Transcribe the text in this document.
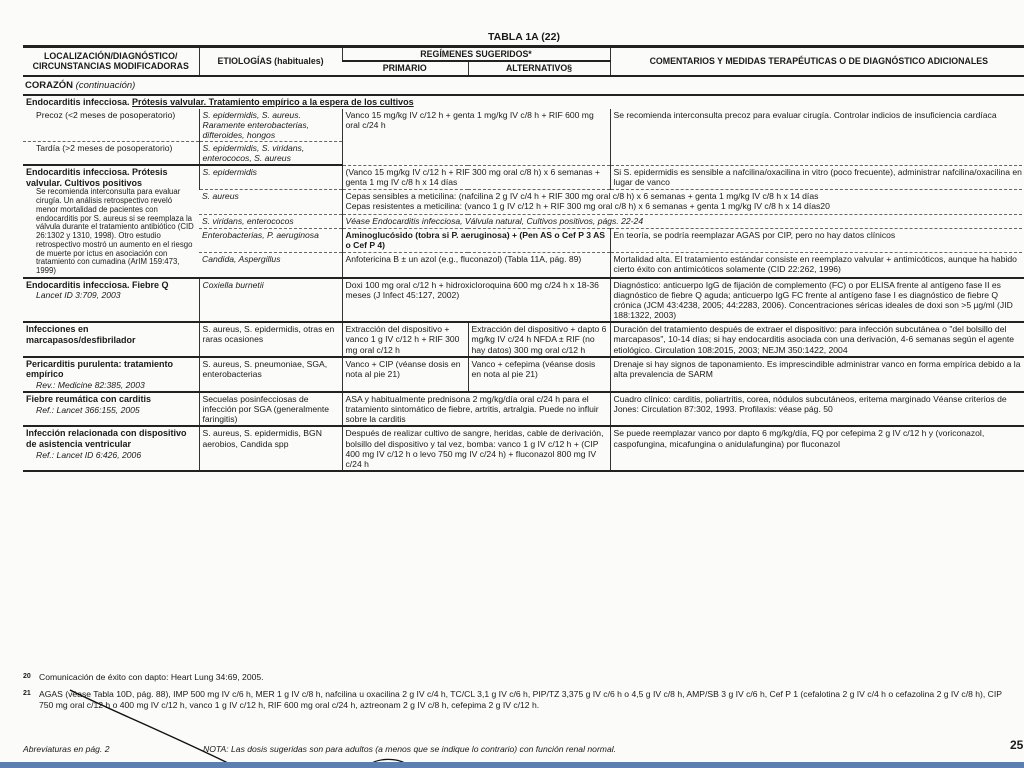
TABLA 1A (22)
LOCALIZACIÓN/DIAGNÓSTICO/ CIRCUNSTANCIAS MODIFICADORAS	ETIOLOGÍAS (habituales)	REGÍMENES SUGERIDOS*		COMENTARIOS Y MEDIDAS TERAPÉUTICAS O DE DIAGNÓSTICO ADICIONALES
		PRIMARIO	ALTERNATIVO§	
CORAZÓN (continuación)				
Endocarditis infecciosa. Prótesis valvular. Tratamiento empírico a la espera de los cultivos				

Precoz (<2 meses de posoperatorio)	S. epidermidis, S. aureus. Raramente enterobacterias, difteroides, hongos	Vanco 15 mg/kg IV c/12 h + genta 1 mg/kg IV c/8 h + RIF 600 mg oral c/24 h		Se recomienda interconsulta precoz para evaluar cirugía. Controlar indicios de insuficiencia cardíaca

Tardía (>2 meses de posoperatorio)	S. epidermidis, S. viridans, enterococos, S. aureus			

Endocarditis infecciosa. Prótesis valvular. Cultivos positivos
Se recomienda interconsulta para evaluar cirugía. Un análisis retrospectivo reveló menor mortalidad de pacientes con endocarditis por S. aureus si se reemplaza la válvula durante el tratamiento antibiótico (CID 26:1302 y 1310, 1998). Otro estudio retrospectivo mostró un aumento en el riesgo de muerte por ictus en asociación con tratamiento con cumadina (ArIM 159:473, 1999)	S. epidermidis	(Vanco 15 mg/kg IV c/12 h + RIF 300 mg oral c/8 h) x 6 semanas + genta 1 mg IV c/8 h x 14 días		Si S. epidermidis es sensible a nafcilina/oxacilina in vitro (poco frecuente), administrar nafcilina/oxacilina en lugar de vanco
	S. aureus	Cepas sensibles a meticilina: (nafcilina 2 g IV c/4 h + RIF 300 mg oral c/8 h) x 6 semanas + genta 1 mg/kg IV c/8 h x 14 días
Cepas resistentes a meticilina: (vanco 1 g IV c/12 h + RIF 300 mg oral c/8 h) x 6 semanas + genta 1 mg/kg IV c/8 h x 14 días20		

	S. viridans, enterococos	Véase Endocarditis infecciosa, Válvula natural, Cultivos positivos, págs. 22-24		
	Enterobacterias, P. aeruginosa	Aminoglucósido (tobra si P. aeruginosa) + (Pen AS o Cef P 3 AS o Cef P 4)		En teoría, se podría reemplazar AGAS por CIP, pero no hay datos clínicos
	Candida, Aspergillus	Anfotericina B ± un azol (e.g., fluconazol) (Tabla 11A, pág. 89)		Mortalidad alta. El tratamiento estándar consiste en reemplazo valvular + antimicóticos, aunque ha habido cierto éxito con antimicóticos solamente (CID 22:262, 1996)

Endocarditis infecciosa. Fiebre Q
Lancet ID 3:709, 2003	Coxiella burnetii	Doxi 100 mg oral c/12 h + hidroxicloroquina 600 mg c/24 h x 18-36 meses (J Infect 45:127, 2002)		Diagnóstico: anticuerpo IgG de fijación de complemento (FC) o por ELISA frente al antígeno fase II es diagnóstico de fiebre Q aguda; anticuerpo IgG FC frente al antígeno fase I es diagnóstico de fiebre Q crónica (JCM 43:4238, 2005; 44:2283, 2006). Concentraciones séricas ideales de doxi son >5 µg/ml (JID 188:1322, 2003)
Infecciones en marcapasos/desfibrilador	S. aureus, S. epidermidis, otras en raras ocasiones	Extracción del dispositivo + vanco 1 g IV c/12 h + RIF 300 mg oral c/12 h	Extracción del dispositivo + dapto 6 mg/kg IV c/24 h NFDA ± RIF (no hay datos) 300 mg oral c/12 h	Duración del tratamiento después de extraer el dispositivo: para infección subcutánea o "del bolsillo del marcapasos", 10-14 días; si hay endocarditis asociada con una derivación, 4-6 semanas según el agente etiológico. Circulation 108:2015, 2003; NEJM 350:1422, 2004

Pericarditis purulenta: tratamiento empírico
Rev.: Medicine 82:385, 2003	S. aureus, S. pneumoniae, SGA, enterobacterias	Vanco + CIP (véanse dosis en nota al pie 21)	Vanco + cefepima (véanse dosis en nota al pie 21)	Drenaje si hay signos de taponamiento. Es imprescindible administrar vanco en forma empírica debido a la alta prevalencia de SARM

Fiebre reumática con carditis
Ref.: Lancet 366:155, 2005	Secuelas posinfecciosas de infección por SGA (generalmente faringitis)	ASA y habitualmente prednisona 2 mg/kg/día oral c/24 h para el tratamiento sintomático de fiebre, artritis, artralgia. Puede no influir sobre la carditis		Cuadro clínico: carditis, poliartritis, corea, nódulos subcutáneos, eritema marginado Véanse criterios de Jones: Circulation 87:302, 1993. Profilaxis: véase pág. 50

Infección relacionada con dispositivo de asistencia ventricular
Ref.: Lancet ID 6:426, 2006	S. aureus, S. epidermidis, BGN aerobios, Candida spp	Después de realizar cultivo de sangre, heridas, cable de derivación, bolsillo del dispositivo y tal vez, bomba: vanco 1 g IV c/12 h + (CIP 400 mg IV c/12 h o levo 750 mg IV c/24 h) + fluconazol 800 mg IV c/24 h		Se puede reemplazar vanco por dapto 6 mg/kg/día, FQ por cefepima 2 g IV c/12 h y (voriconazol, caspofungina, micafungina o anidulafungina) por fluconazol
20 Comunicación de éxito con dapto: Heart Lung 34:69, 2005.
21 AGAS (véase Tabla 10D, pág. 88), IMP 500 mg IV c/6 h, MER 1 g IV c/8 h, nafcilina u oxacilina 2 g IV c/4 h, TC/CL 3,1 g IV c/6 h, PIP/TZ 3,375 g IV c/6 h o 4,5 g IV c/8 h, AMP/SB 3 g IV c/6 h, Cef P 1 (cefalotina 2 g IV c/4 h o cefazolina 2 g IV c/8 h), CIP 750 mg oral c/12 h o 400 mg IV c/12 h, vanco 1 g IV c/12 h, RIF 600 mg oral c/24 h, aztreonam 2 g IV c/8 h, cefepima 2 g IV c/12 h.
Abreviaturas en pág. 2	NOTA: Las dosis sugeridas son para adultos (a menos que se indique lo contrario) con función renal normal.	25
